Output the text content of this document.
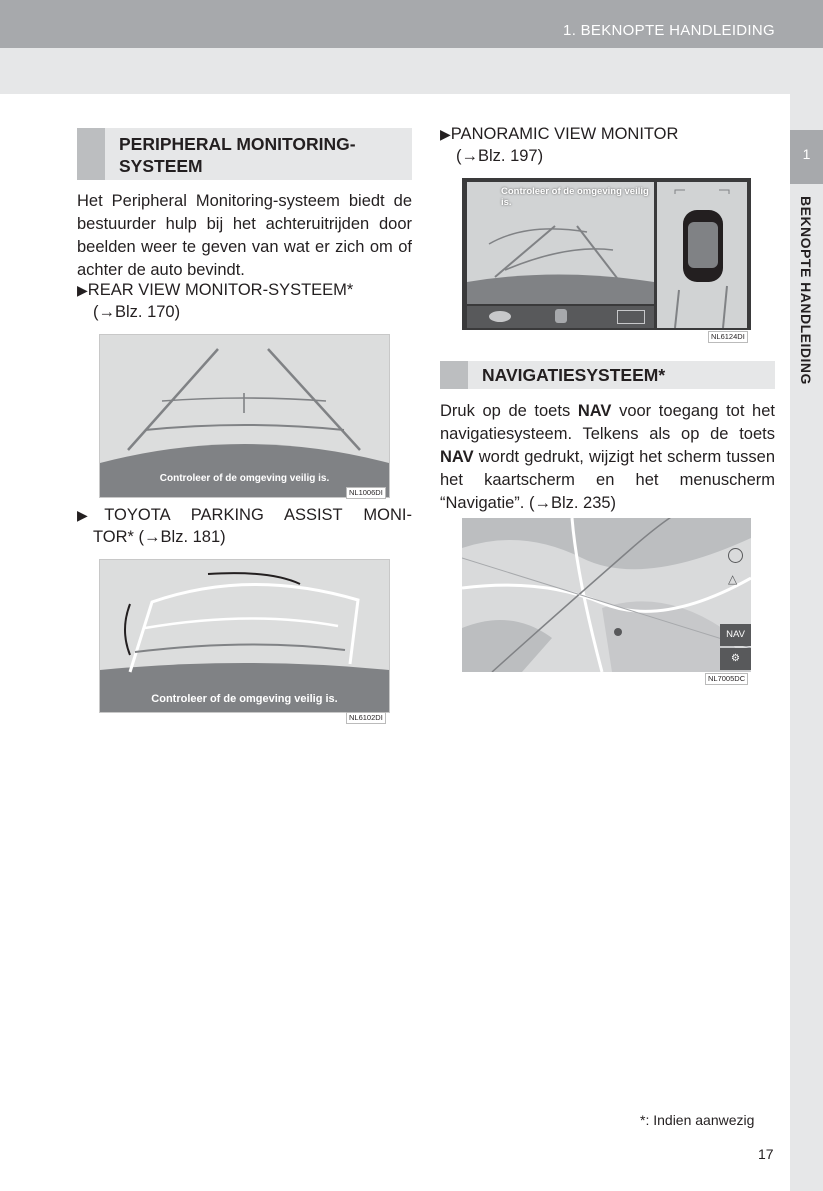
1. BEKNOPTE HANDLEIDING
1
BEKNOPTE HANDLEIDING
PERIPHERAL MONITORING-
SYSTEEM
Het Peripheral Monitoring-systeem biedt de bestuurder hulp bij het achteruitrijden door beelden weer te geven van wat er zich om of achter de auto bevindt.
▶REAR VIEW MONITOR-SYSTEEM*
(→Blz. 170)
Controleer of de omgeving veilig is.
NL1006DI
▶TOYOTA PARKING ASSIST MONI-
TOR* (→Blz. 181)
Controleer of de omgeving veilig is.
NL6102DI
▶PANORAMIC VIEW MONITOR
(→Blz. 197)
Controleer of de omgeving veilig is.
NL6124DI
NAVIGATIESYSTEEM*
Druk op de toets NAV voor toegang tot het navigatiesysteem. Telkens als op de toets NAV wordt gedrukt, wijzigt het scherm tussen het kaartscherm en het menuscherm “Navigatie”. (→Blz. 235)
△
NAV
⚙
NL7005DC
*: Indien aanwezig
17
